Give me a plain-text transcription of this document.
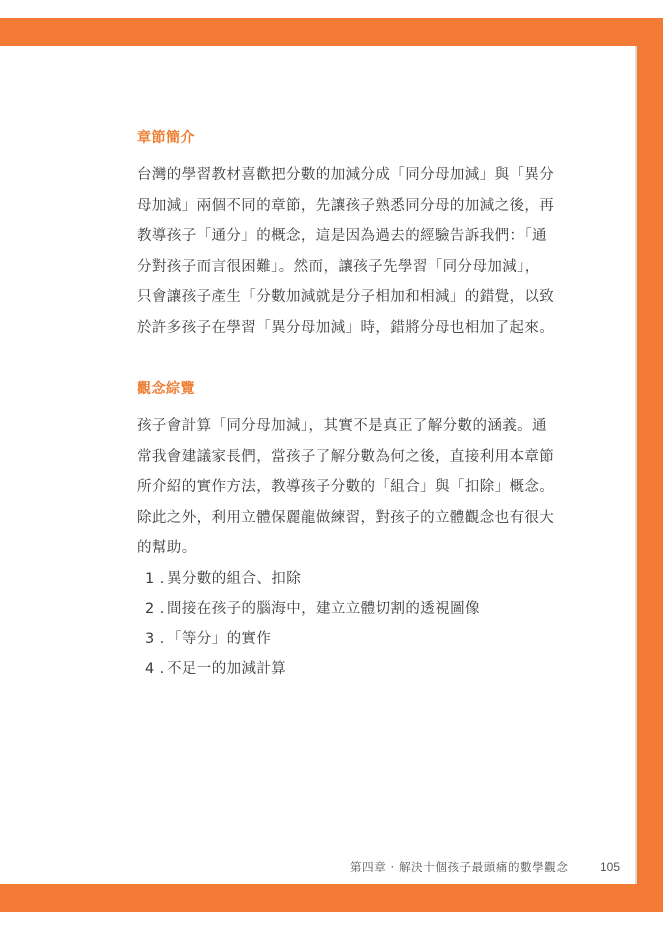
章節簡介
台灣的學習教材喜歡把分數的加減分成「同分母加減」與「異分
母加減」兩個不同的章節，先讓孩子熟悉同分母的加減之後，再
教導孩子「通分」的概念，這是因為過去的經驗告訴我們：「通
分對孩子而言很困難」。然而，讓孩子先學習「同分母加減」，
只會讓孩子產生「分數加減就是分子相加和相減」的錯覺，以致
於許多孩子在學習「異分母加減」時，錯將分母也相加了起來。
觀念綜覽
孩子會計算「同分母加減」，其實不是真正了解分數的涵義。通
常我會建議家長們，當孩子了解分數為何之後，直接利用本章節
所介紹的實作方法，教導孩子分數的「組合」與「扣除」概念。
除此之外，利用立體保麗龍做練習，對孩子的立體觀念也有很大
的幫助。
1 . 異分數的組合、扣除
2 . 間接在孩子的腦海中，建立立體切割的透視圖像
3 . 「等分」的實作
4 . 不足一的加減計算
第四章 · 解決十個孩子最頭痛的數學觀念	105
